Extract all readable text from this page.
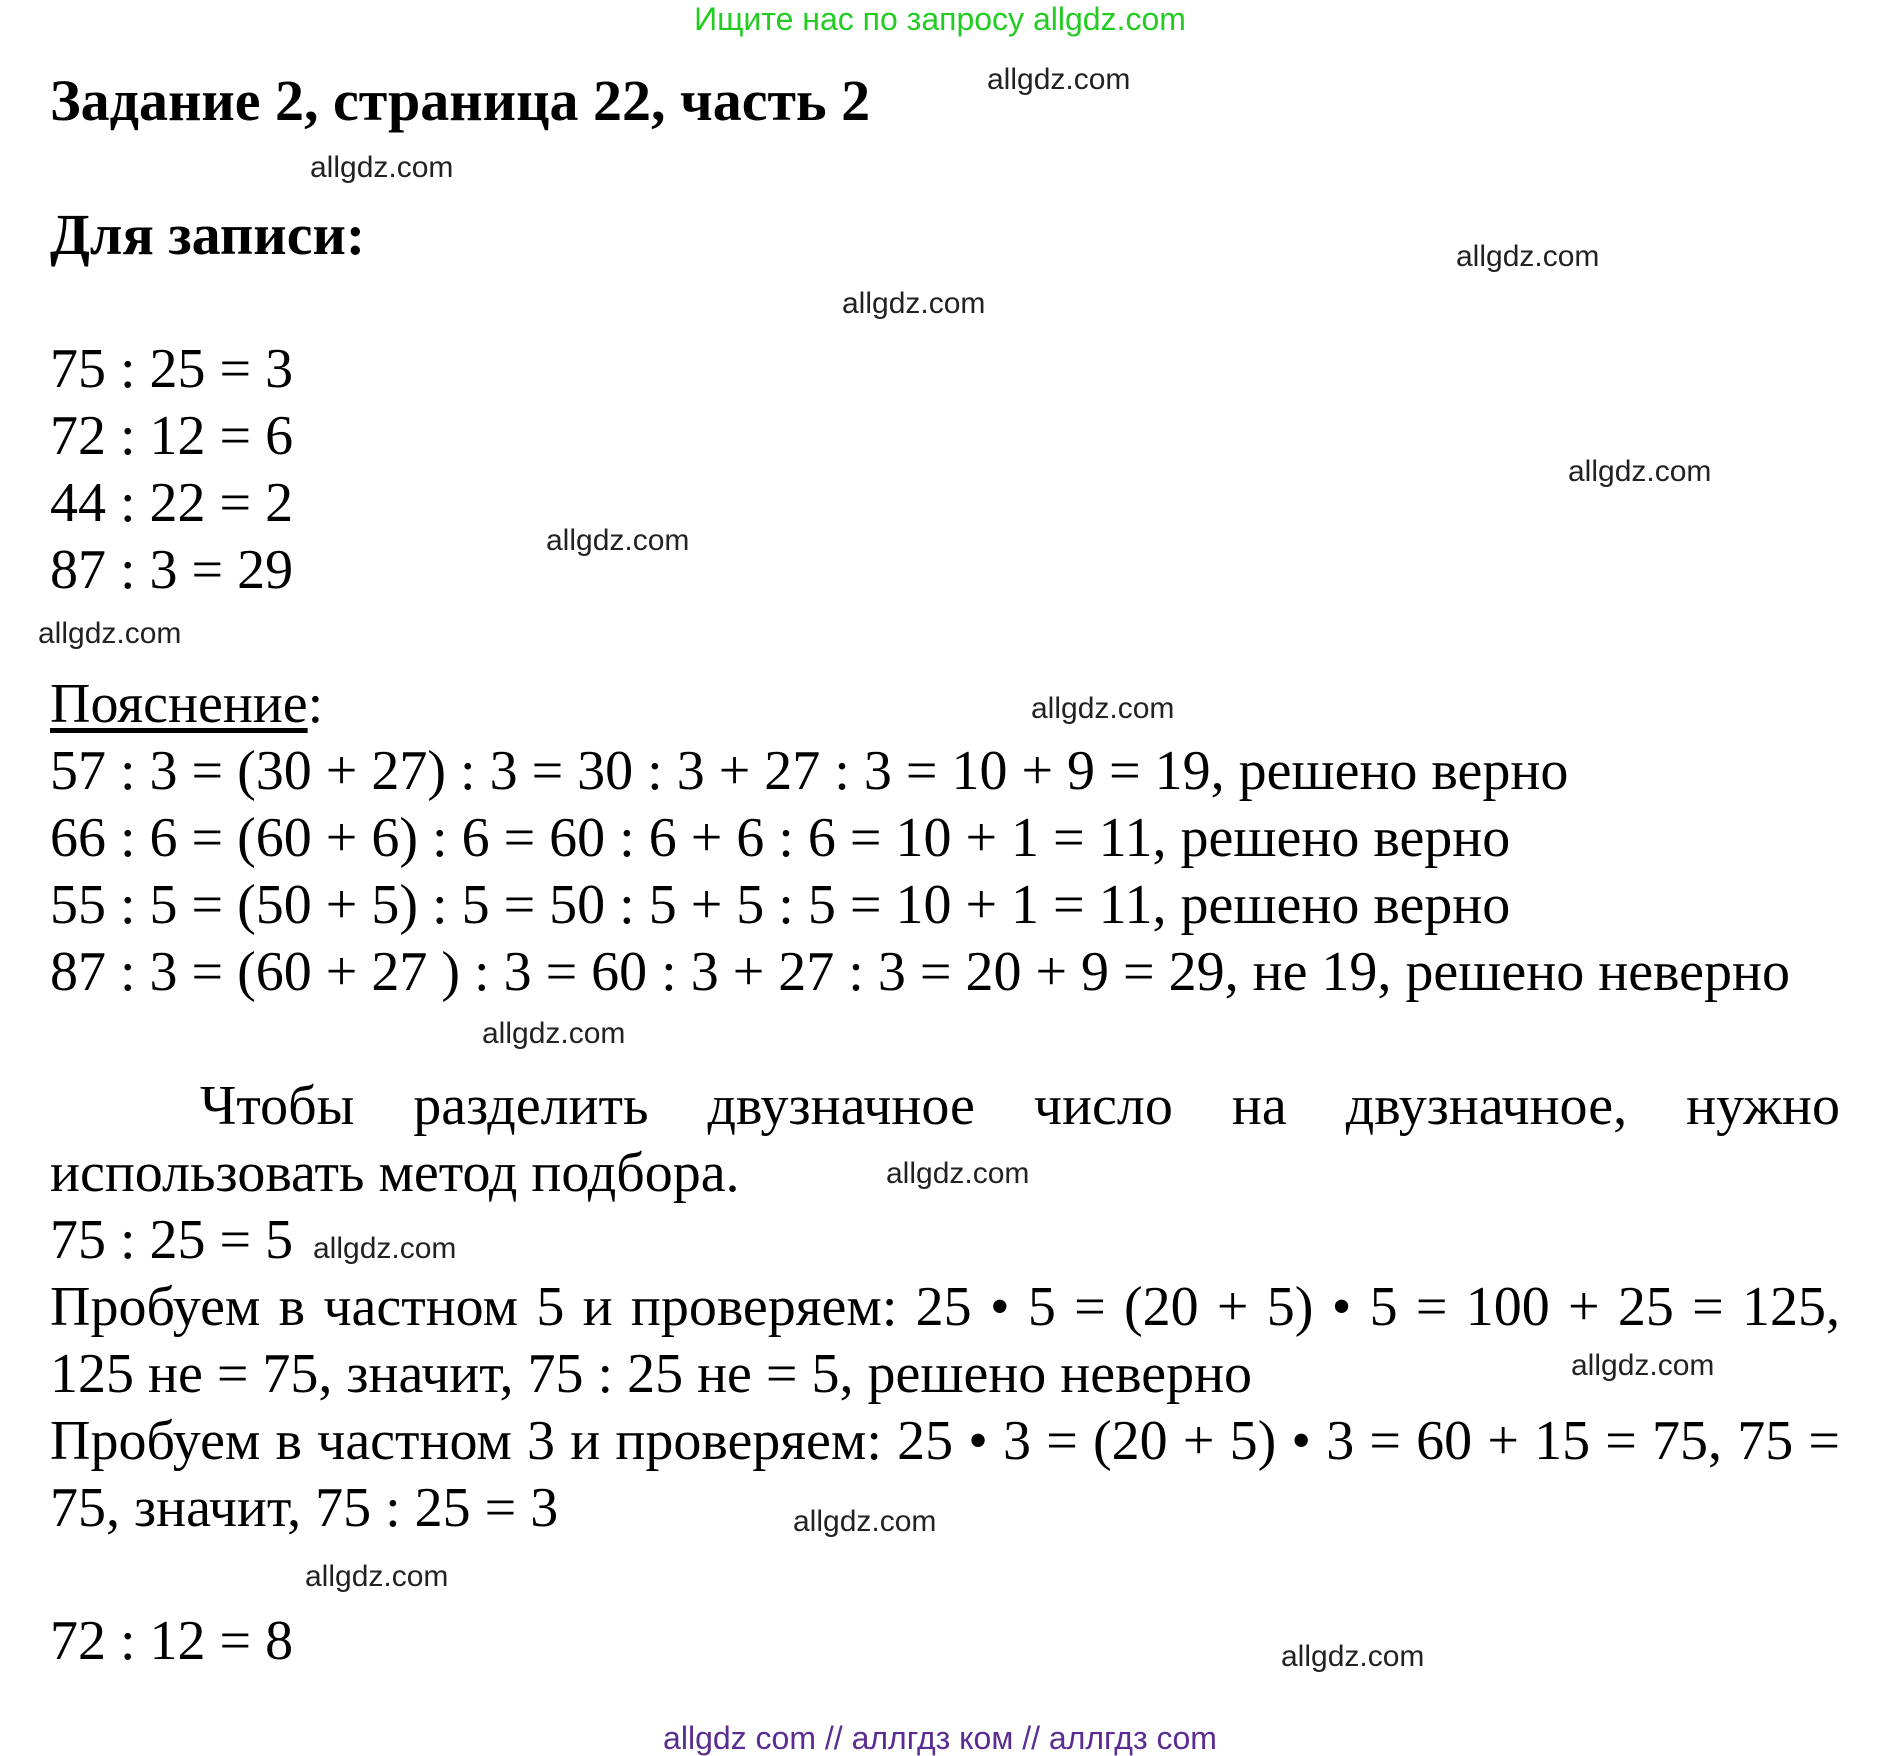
Ищите нас по запросу allgdz.com
Задание 2, страница 22, часть 2
Для записи:
75 : 25 = 3
72 : 12 = 6
44 : 22 = 2
87 : 3 = 29
Пояснение:
57 : 3 = (30 + 27) : 3 = 30 : 3 + 27 : 3 = 10 + 9 = 19, решено верно
66 : 6 = (60 + 6) : 6 = 60 : 6 + 6 : 6 = 10 + 1 = 11, решено верно
55 : 5 = (50 + 5) : 5 = 50 : 5 + 5 : 5 = 10 + 1 = 11, решено верно
87 : 3 = (60 + 27 ) : 3 = 60 : 3 + 27 : 3 = 20 + 9 = 29, не 19, решено неверно
Чтобы разделить двузначное число на двузначное, нужно использовать метод подбора.
75 : 25 = 5
Пробуем в частном 5 и проверяем: 25 • 5 = (20 + 5) • 5 = 100 + 25 = 125, 125 не = 75, значит, 75 : 25 не = 5, решено неверно
Пробуем в частном 3 и проверяем: 25 • 3 = (20 + 5) • 3 = 60 + 15 = 75, 75 = 75, значит, 75 : 25 = 3
72 : 12 = 8
allgdz.com
allgdz.com
allgdz.com
allgdz.com
allgdz.com
allgdz.com
allgdz.com
allgdz.com
allgdz.com
allgdz.com
allgdz.com
allgdz.com
allgdz.com
allgdz.com
allgdz.com
allgdz com // аллгдз ком // аллгдз com
